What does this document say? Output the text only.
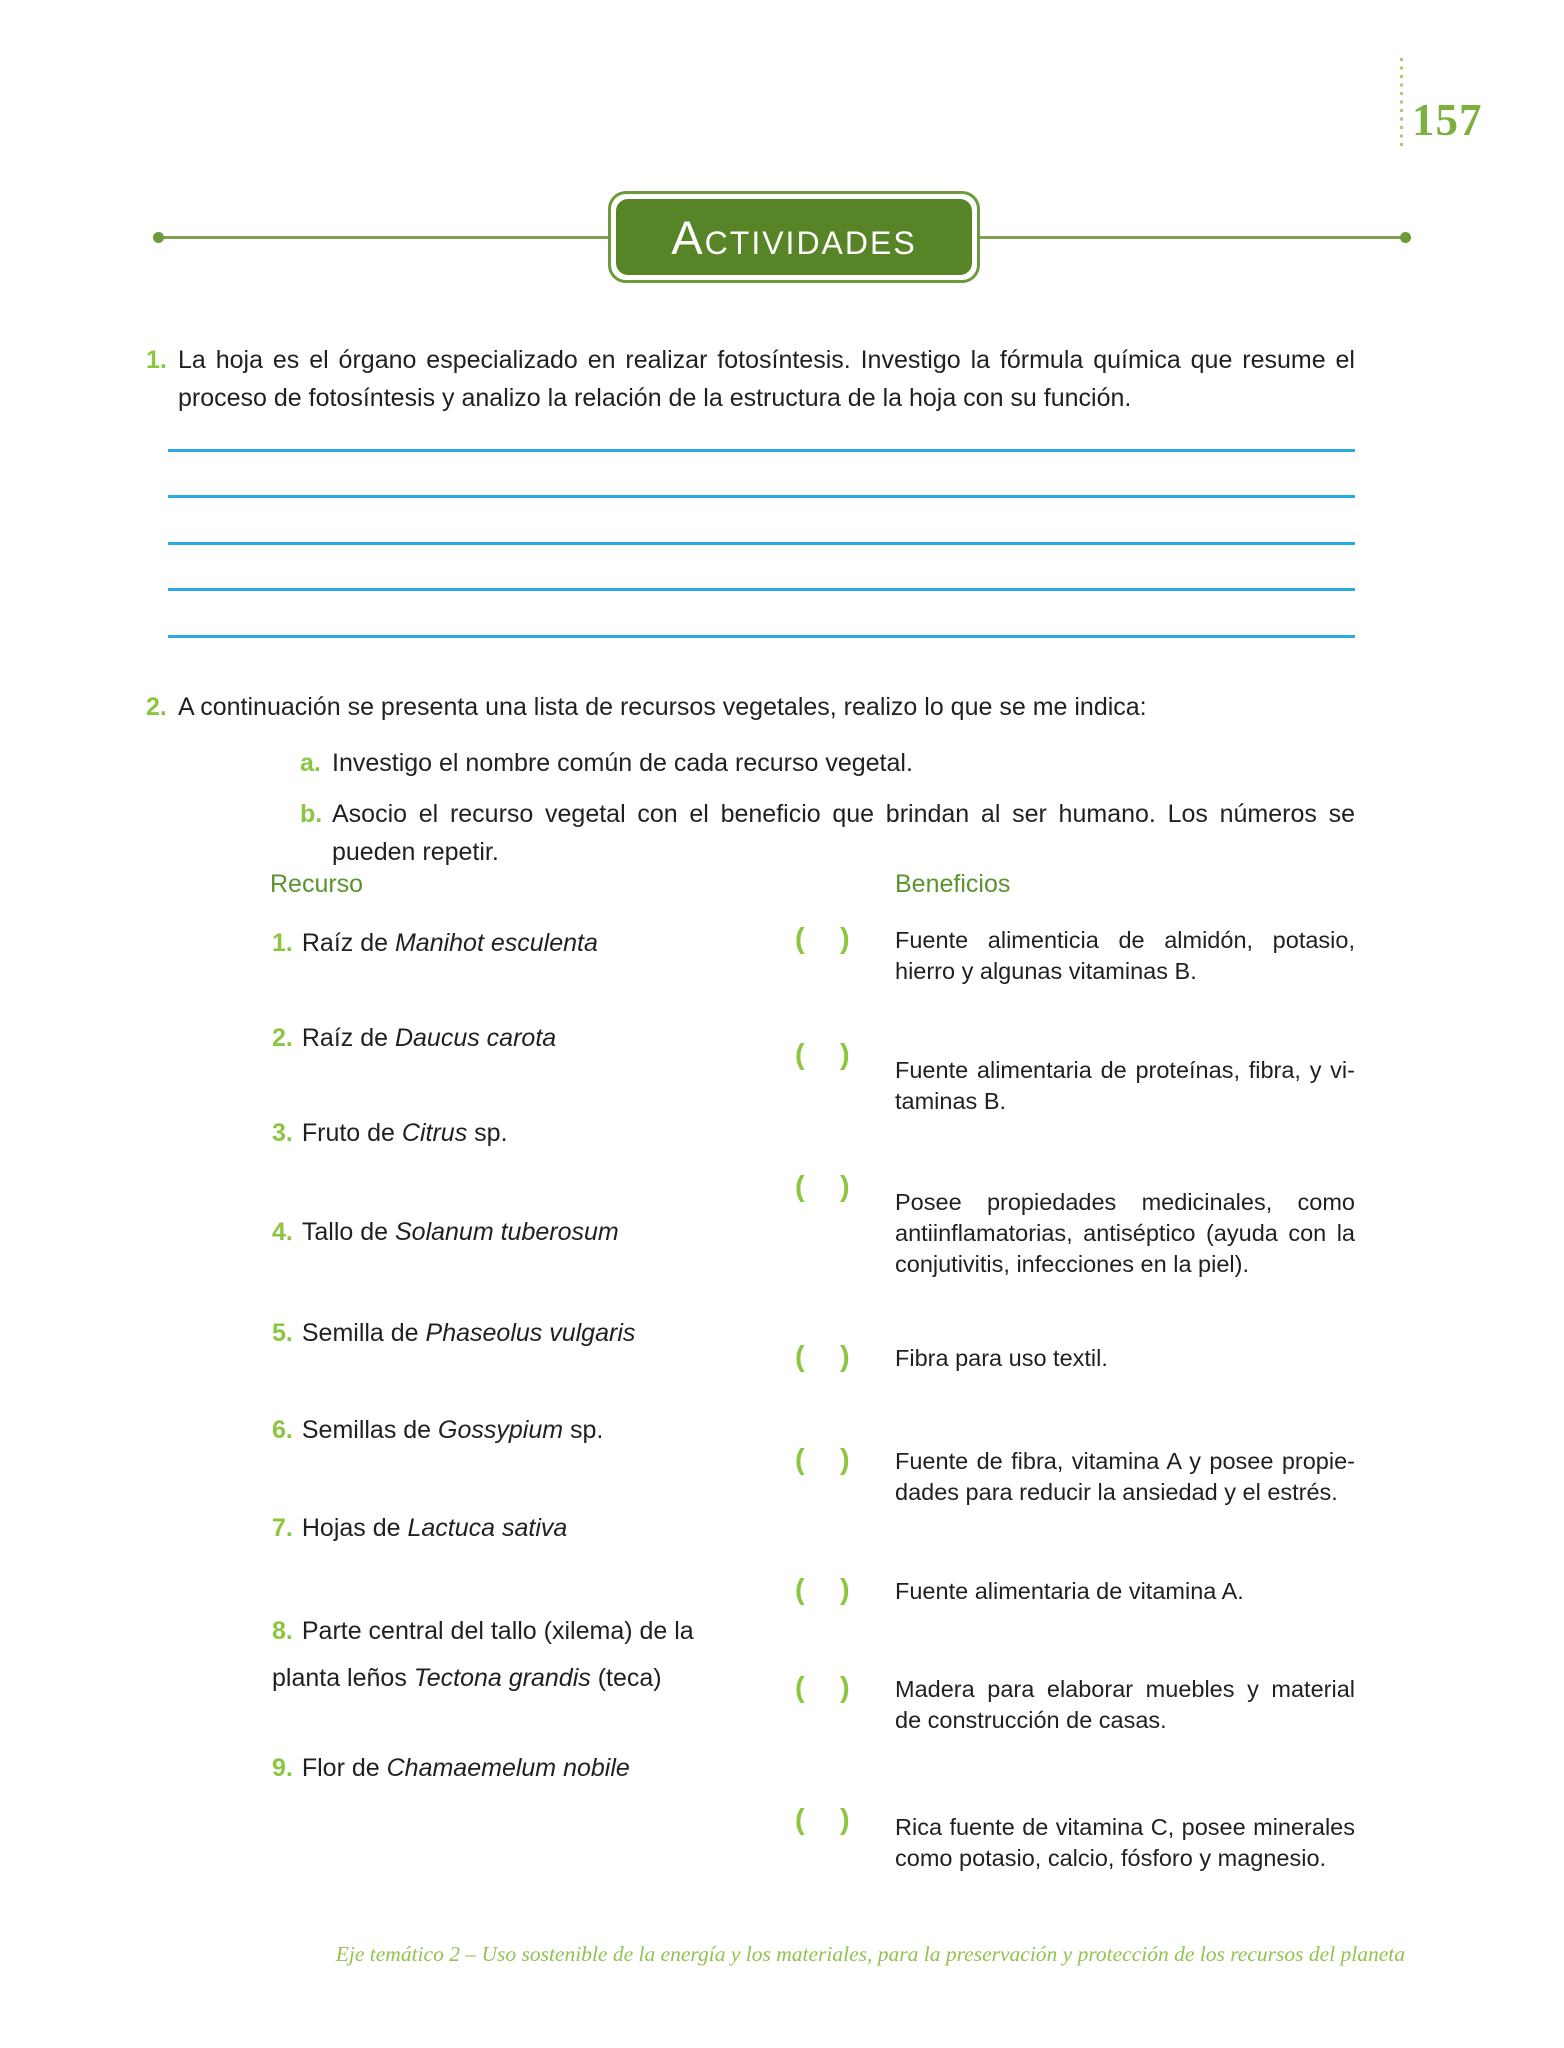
157
ACTIVIDADES
1. La hoja es el órgano especializado en realizar fotosíntesis. Investigo la fórmula química que resume el proceso de fotosíntesis y analizo la relación de la estructura de la hoja con su función.
2. A continuación se presenta una lista de recursos vegetales, realizo lo que se me indica:
a. Investigo el nombre común de cada recurso vegetal.
b. Asocio el recurso vegetal con el beneficio que brindan al ser humano. Los números se pueden repetir.
Recurso	Beneficios
1. Raíz de Manihot esculenta
2. Raíz de Daucus carota
3. Fruto de Citrus sp.
4. Tallo de Solanum tuberosum
5. Semilla de Phaseolus vulgaris
6. Semillas de Gossypium sp.
7. Hojas de Lactuca sativa
8. Parte central del tallo (xilema) de la
planta leños Tectona grandis (teca)
9. Flor de Chamaemelum nobile
( ) Fuente alimenticia de almidón, potasio, hierro y algunas vitaminas B.
( ) Fuente alimentaria de proteínas, fibra, y vitaminas B.
( ) Posee propiedades medicinales, como antiinflamatorias, antiséptico (ayuda con la conjutivitis, infecciones en la piel).
( ) Fibra para uso textil.
( ) Fuente de fibra, vitamina A y posee propiedades para reducir la ansiedad y el estrés.
( ) Fuente alimentaria de vitamina A.
( ) Madera para elaborar muebles y material de construcción de casas.
( ) Rica fuente de vitamina C, posee minerales como potasio, calcio, fósforo y magnesio.
Eje temático 2 – Uso sostenible de la energía y los materiales, para la preservación y protección de los recursos del planeta
